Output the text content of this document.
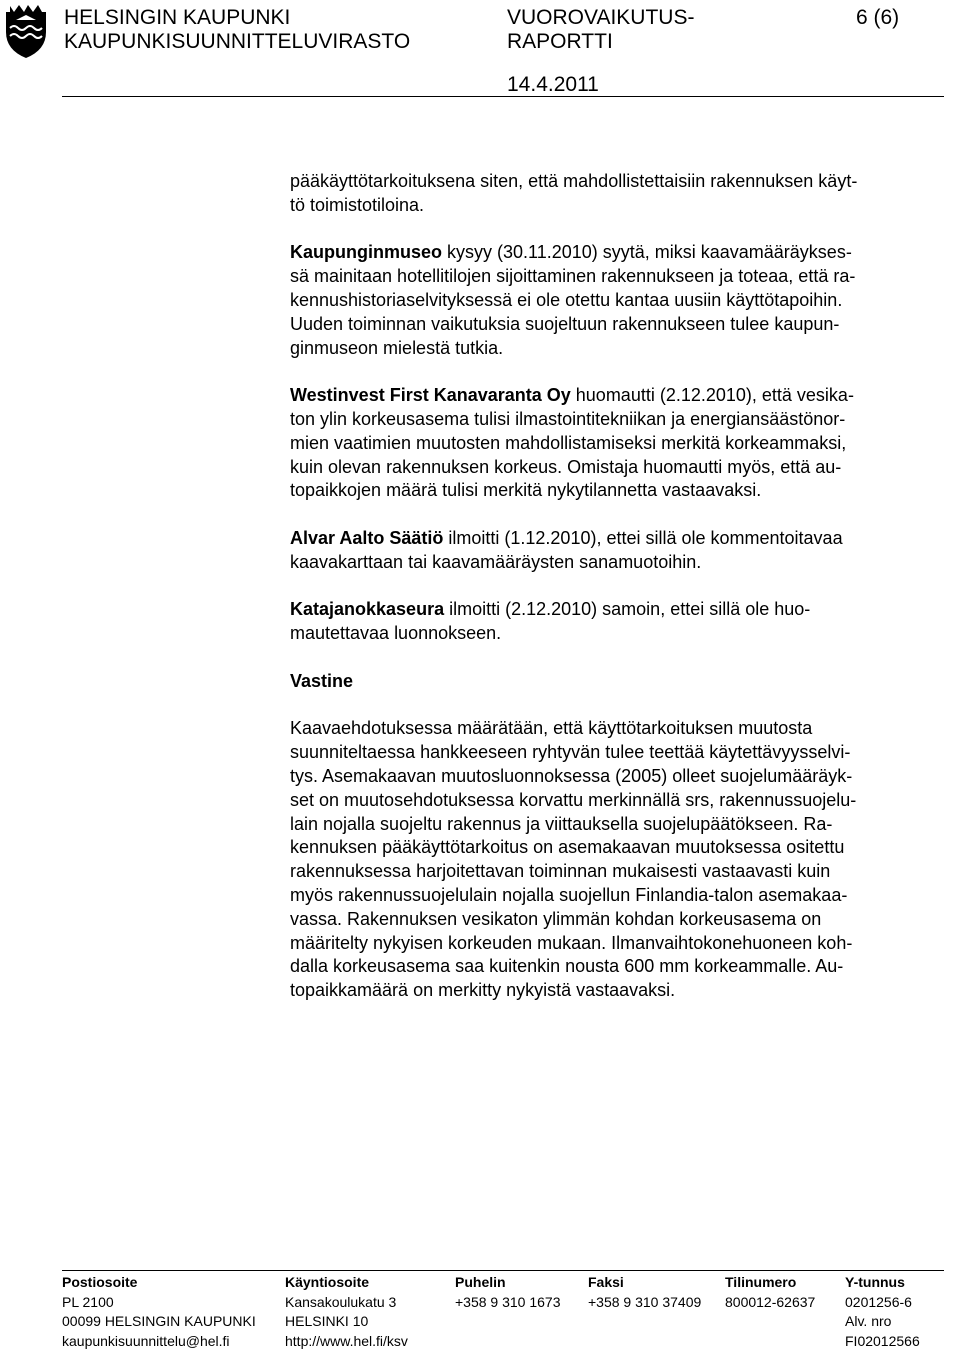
HELSINGIN KAUPUNKI
KAUPUNKISUUNNITTELUVIRASTO
VUOROVAIKUTUS-
RAPORTTI
6 (6)
14.4.2011

pääkäyttötarkoituksena siten, että mahdollistettaisiin rakennuksen käyt-
tö toimistotiloina.

Kaupunginmuseo kysyy (30.11.2010) syytä, miksi kaavamääräykses-
sä mainitaan hotellitilojen sijoittaminen rakennukseen ja toteaa, että ra-
kennushistoriaselvityksessä ei ole otettu kantaa uusiin käyttötapoihin.
Uuden toiminnan vaikutuksia suojeltuun rakennukseen tulee kaupun-
ginmuseon mielestä tutkia.

Westinvest First Kanavaranta Oy huomautti (2.12.2010), että vesika-
ton ylin korkeusasema tulisi ilmastointitekniikan ja energiansäästönor-
mien vaatimien muutosten mahdollistamiseksi merkitä korkeammaksi,
kuin olevan rakennuksen korkeus. Omistaja huomautti myös, että au-
topaikkojen määrä tulisi merkitä nykytilannetta vastaavaksi.

Alvar Aalto Säätiö ilmoitti (1.12.2010), ettei sillä ole kommentoitavaa
kaavakarttaan tai kaavamääräysten sanamuotoihin.

Katajanokkaseura ilmoitti (2.12.2010) samoin, ettei sillä ole huo-
mautettavaa luonnokseen.

Vastine

Kaavaehdotuksessa määrätään, että käyttötarkoituksen muutosta
suunniteltaessa hankkeeseen ryhtyvän tulee teettää käytettävyysselvi-
tys. Asemakaavan muutosluonnoksessa (2005) olleet suojelumääräyk-
set on muutosehdotuksessa korvattu merkinnällä srs, rakennussuojelu-
lain nojalla suojeltu rakennus ja viittauksella suojelupäätökseen. Ra-
kennuksen pääkäyttötarkoitus on asemakaavan muutoksessa ositettu
rakennuksessa harjoitettavan toiminnan mukaisesti vastaavasti kuin
myös rakennussuojelulain nojalla suojellun Finlandia-talon asemakaa-
vassa. Rakennuksen vesikaton ylimmän kohdan korkeusasema on
määritelty nykyisen korkeuden mukaan. Ilmanvaihtokonehuoneen koh-
dalla korkeusasema saa kuitenkin nousta 600 mm korkeammalle. Au-
topaikkamäärä on merkitty nykyistä vastaavaksi.

Postiosoite
PL 2100
00099 HELSINGIN KAUPUNKI
kaupunkisuunnittelu@hel.fi
Käyntiosoite
Kansakoulukatu 3
HELSINKI 10
http://www.hel.fi/ksv
Puhelin
+358 9 310 1673
Faksi
+358 9 310 37409
Tilinumero
800012-62637
Y-tunnus
0201256-6
Alv. nro
FI02012566
